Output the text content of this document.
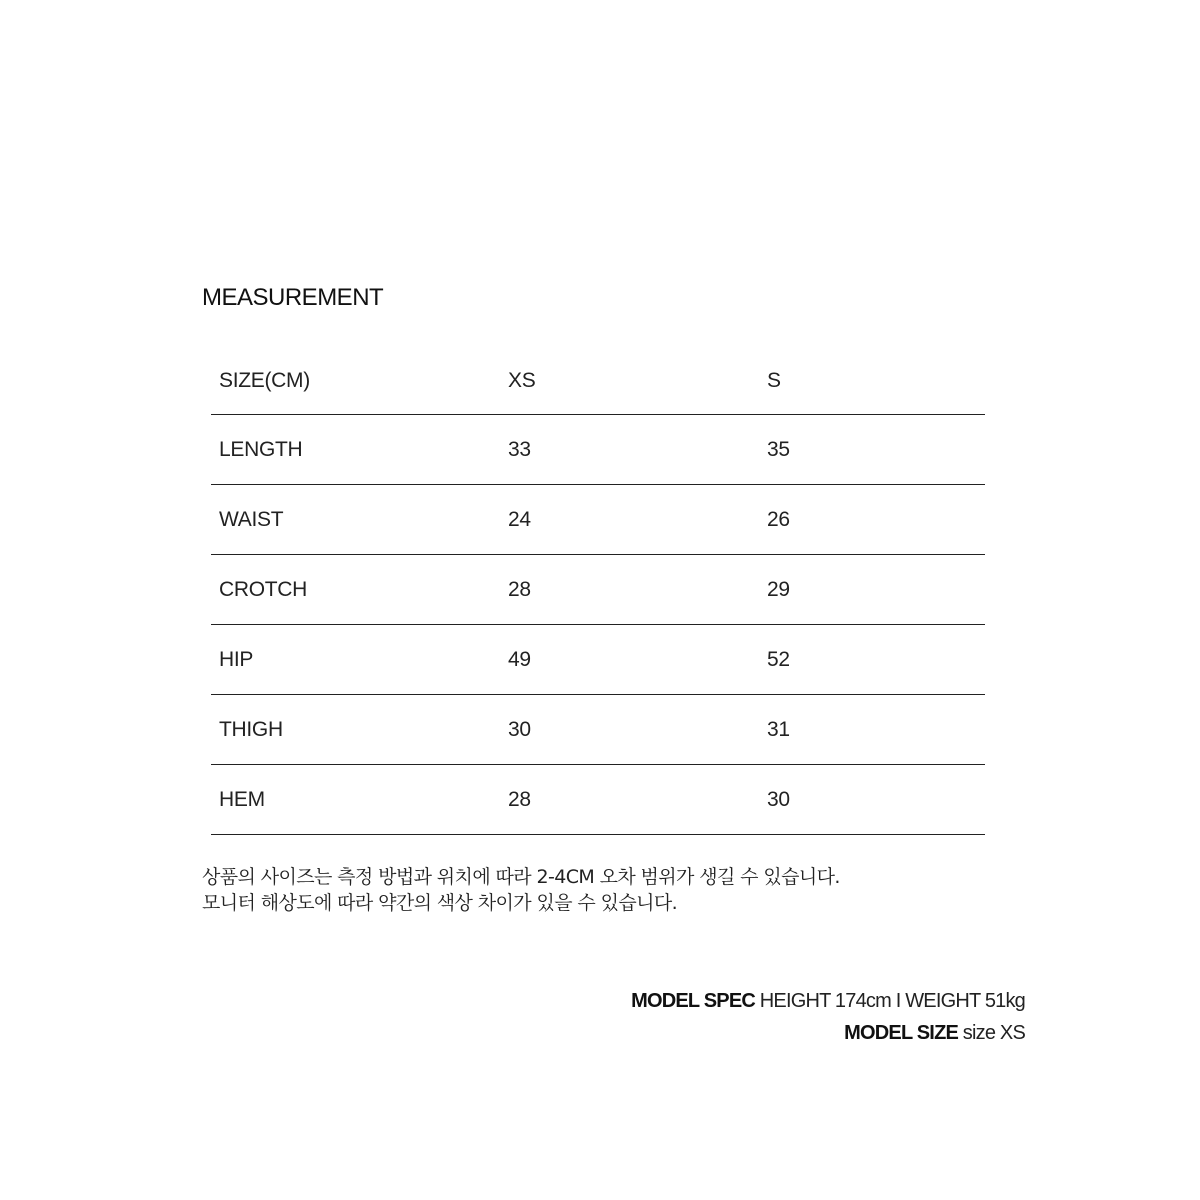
MEASUREMENT
SIZE(CM)	XS	S
LENGTH	33	35
WAIST	24	26
CROTCH	28	29
HIP	49	52
THIGH	30	31
HEM	28	30
상품의 사이즈는 측정 방법과 위치에 따라 2-4CM 오차 범위가 생길 수 있습니다.
모니터 해상도에 따라 약간의 색상 차이가 있을 수 있습니다.
MODEL SPEC HEIGHT 174cm I WEIGHT 51kg
MODEL SIZE size XS
